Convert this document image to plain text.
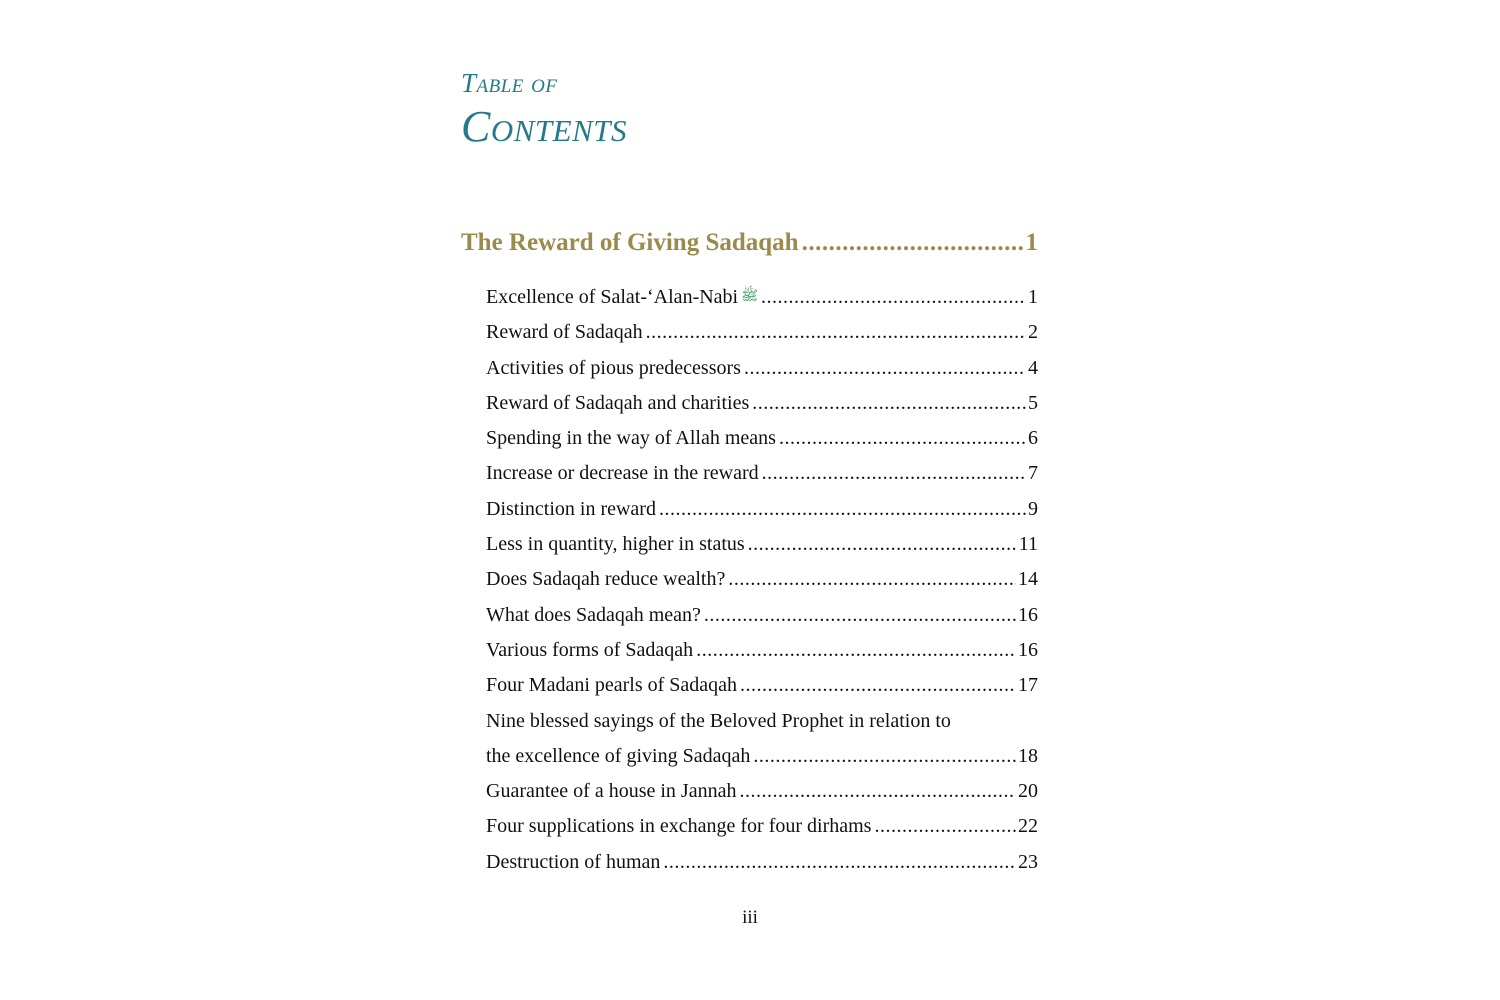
Table of
Contents
The Reward of Giving Sadaqah .....	1
Excellence of Salat-‘Alan-Nabi ﷺ .....	1
Reward of Sadaqah .....	2
Activities of pious predecessors .....	4
Reward of Sadaqah and charities .....	5
Spending in the way of Allah means .....	6
Increase or decrease in the reward .....	7
Distinction in reward .....	9
Less in quantity, higher in status .....	11
Does Sadaqah reduce wealth? .....	14
What does Sadaqah mean? .....	16
Various forms of Sadaqah .....	16
Four Madani pearls of Sadaqah .....	17
Nine blessed sayings of the Beloved Prophet in relation to
the excellence of giving Sadaqah .....	18
Guarantee of a house in Jannah .....	20
Four supplications in exchange for four dirhams .....	22
Destruction of human .....	23
iii
